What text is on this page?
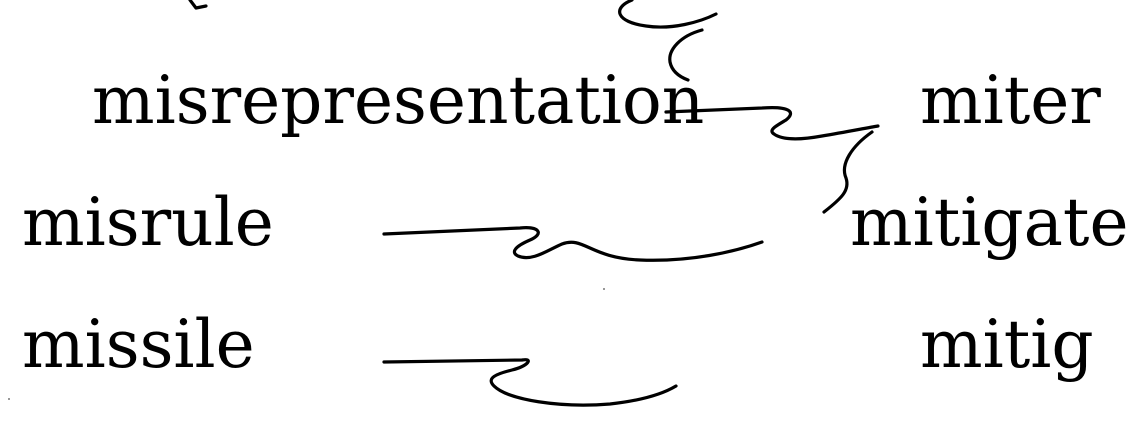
misrepresentation
misrule
missile
miter
mitigate
mitig
